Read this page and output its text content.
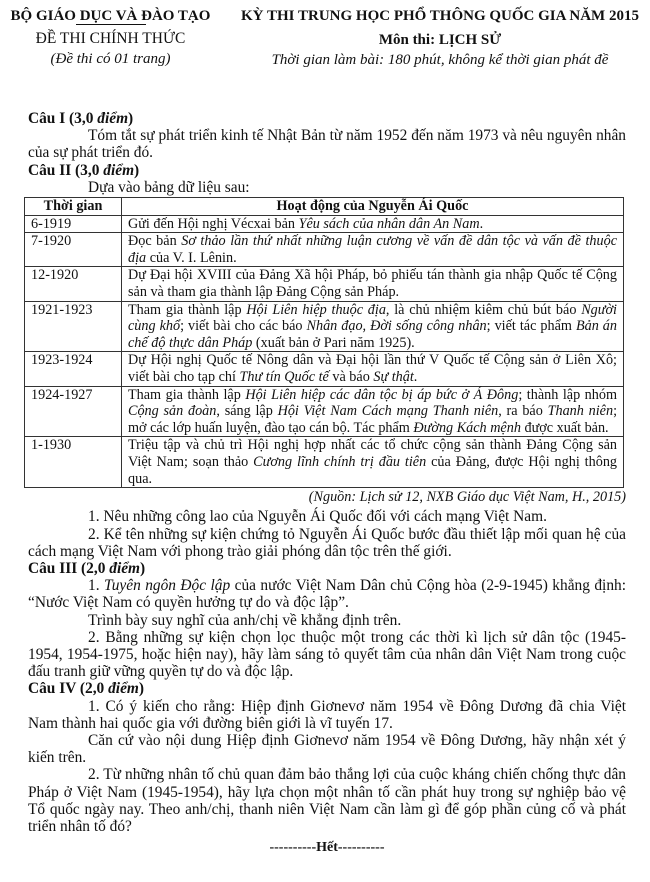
BỘ GIÁO DỤC VÀ ĐÀO TẠO
ĐỀ THI CHÍNH THỨC
(Đề thi có 01 trang)
KỲ THI TRUNG HỌC PHỔ THÔNG QUỐC GIA NĂM 2015
Môn thi: LỊCH SỬ
Thời gian làm bài: 180 phút, không kể thời gian phát đề

Câu I (3,0 điểm)

Tóm tắt sự phát triển kinh tế Nhật Bản từ năm 1952 đến năm 1973 và nêu nguyên nhân của sự phát triển đó.

Câu II (3,0 điểm)

Dựa vào bảng dữ liệu sau:

Thời gian	Hoạt động của Nguyễn Ái Quốc
6-1919	Gửi đến Hội nghị Vécxai bản Yêu sách của nhân dân An Nam.
7-1920	Đọc bản Sơ thảo lần thứ nhất những luận cương về vấn đề dân tộc và vấn đề thuộc địa của V. I. Lênin.
12-1920	Dự Đại hội XVIII của Đảng Xã hội Pháp, bỏ phiếu tán thành gia nhập Quốc tế Cộng sản và tham gia thành lập Đảng Cộng sản Pháp.
1921-1923	Tham gia thành lập Hội Liên hiệp thuộc địa, là chủ nhiệm kiêm chủ bút báo Người cùng khổ; viết bài cho các báo Nhân đạo, Đời sống công nhân; viết tác phẩm Bản án chế độ thực dân Pháp (xuất bản ở Pari năm 1925).
1923-1924	Dự Hội nghị Quốc tế Nông dân và Đại hội lần thứ V Quốc tế Cộng sản ở Liên Xô; viết bài cho tạp chí Thư tín Quốc tế và báo Sự thật.
1924-1927	Tham gia thành lập Hội Liên hiệp các dân tộc bị áp bức ở Á Đông; thành lập nhóm Cộng sản đoàn, sáng lập Hội Việt Nam Cách mạng Thanh niên, ra báo Thanh niên; mở các lớp huấn luyện, đào tạo cán bộ. Tác phẩm Đường Kách mệnh được xuất bản.
1-1930	Triệu tập và chủ trì Hội nghị hợp nhất các tổ chức cộng sản thành Đảng Cộng sản Việt Nam; soạn thảo Cương lĩnh chính trị đầu tiên của Đảng, được Hội nghị thông qua.
(Nguồn: Lịch sử 12, NXB Giáo dục Việt Nam, H., 2015)

1. Nêu những công lao của Nguyễn Ái Quốc đối với cách mạng Việt Nam.

2. Kể tên những sự kiện chứng tỏ Nguyễn Ái Quốc bước đầu thiết lập mối quan hệ của cách mạng Việt Nam với phong trào giải phóng dân tộc trên thế giới.

Câu III (2,0 điểm)

1. Tuyên ngôn Độc lập của nước Việt Nam Dân chủ Cộng hòa (2-9-1945) khẳng định: “Nước Việt Nam có quyền hưởng tự do và độc lập”.

Trình bày suy nghĩ của anh/chị về khẳng định trên.

2. Bằng những sự kiện chọn lọc thuộc một trong các thời kì lịch sử dân tộc (1945-1954, 1954-1975, hoặc hiện nay), hãy làm sáng tỏ quyết tâm của nhân dân Việt Nam trong cuộc đấu tranh giữ vững quyền tự do và độc lập.

Câu IV (2,0 điểm)

1. Có ý kiến cho rằng: Hiệp định Giơnevơ năm 1954 về Đông Dương đã chia Việt Nam thành hai quốc gia với đường biên giới là vĩ tuyến 17.

Căn cứ vào nội dung Hiệp định Giơnevơ năm 1954 về Đông Dương, hãy nhận xét ý kiến trên.

2. Từ những nhân tố chủ quan đảm bảo thắng lợi của cuộc kháng chiến chống thực dân Pháp ở Việt Nam (1945-1954), hãy lựa chọn một nhân tố cần phát huy trong sự nghiệp bảo vệ Tổ quốc ngày nay. Theo anh/chị, thanh niên Việt Nam cần làm gì để góp phần củng cố và phát triển nhân tố đó?

----------Hết----------
